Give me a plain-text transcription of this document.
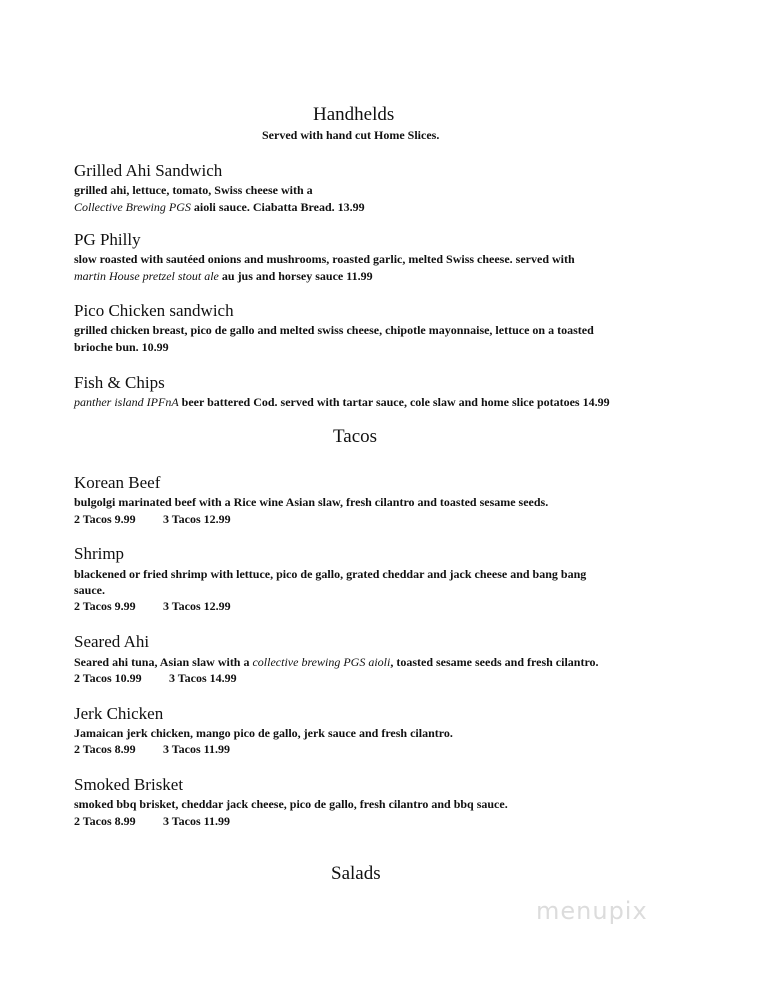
Handhelds
Served with hand cut Home Slices.
Grilled Ahi Sandwich
grilled ahi, lettuce, tomato, Swiss cheese with a
Collective Brewing PGS aioli sauce. Ciabatta Bread. 13.99
PG Philly
slow roasted with sautéed onions and mushrooms, roasted garlic, melted Swiss cheese. served with
martin House pretzel stout ale au jus and horsey sauce 11.99
Pico Chicken sandwich
grilled chicken breast, pico de gallo and melted swiss cheese, chipotle mayonnaise, lettuce on a toasted
brioche bun. 10.99
Fish & Chips
panther island IPFnA beer battered Cod. served with tartar sauce, cole slaw and home slice potatoes 14.99
Tacos
Korean Beef
bulgolgi marinated beef with a Rice wine Asian slaw, fresh cilantro and toasted sesame seeds.
2 Tacos 9.99 3 Tacos 12.99
Shrimp
blackened or fried shrimp with lettuce, pico de gallo, grated cheddar and jack cheese and bang bang
sauce.
2 Tacos 9.99 3 Tacos 12.99
Seared Ahi
Seared ahi tuna, Asian slaw with a collective brewing PGS aioli, toasted sesame seeds and fresh cilantro.
2 Tacos 10.99 3 Tacos 14.99
Jerk Chicken
Jamaican jerk chicken, mango pico de gallo, jerk sauce and fresh cilantro.
2 Tacos 8.99 3 Tacos 11.99
Smoked Brisket
smoked bbq brisket, cheddar jack cheese, pico de gallo, fresh cilantro and bbq sauce.
2 Tacos 8.99 3 Tacos 11.99
Salads
menupix
